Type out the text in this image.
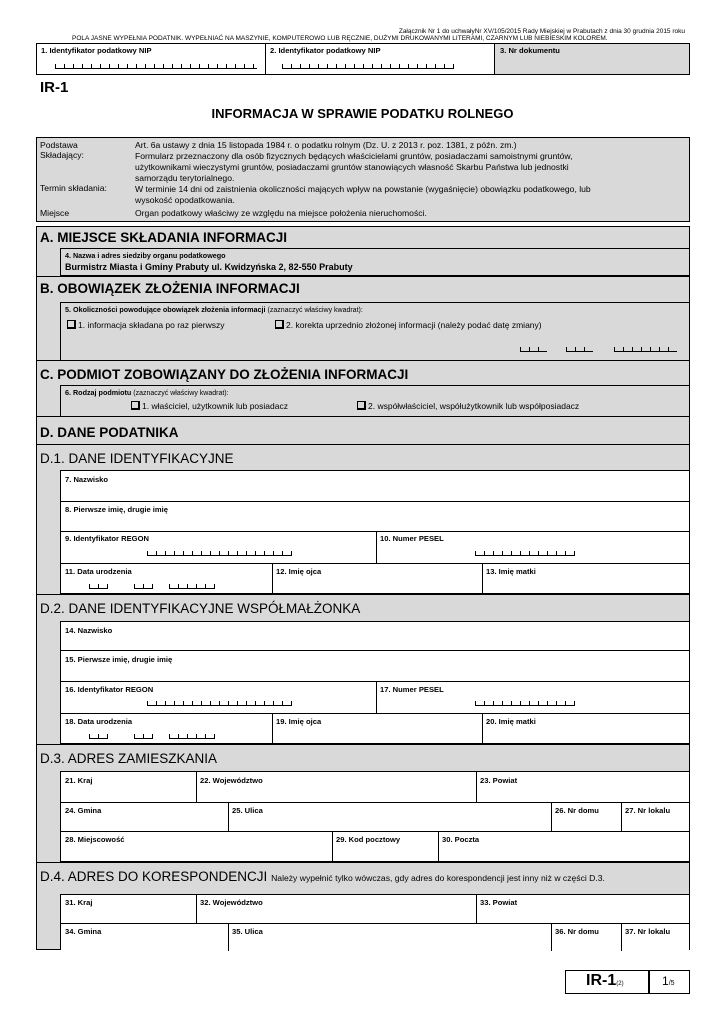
Załącznik Nr 1 do uchwałyNr XV/105/2015 Rady Miejskiej w Prabutach z dnia 30 grudnia 2015 roku
POLA JASNE WYPEŁNIA PODATNIK. WYPEŁNIAĆ NA MASZYNIE, KOMPUTEROWO LUB RĘCZNIE, DUŻYMI DRUKOWANYMI LITERAMI, CZARNYM LUB NIEBIESKIM KOLOREM.
1. Identyfikator podatkowy NIP	2. Identyfikator podatkowy NIP	3. Nr dokumentu
IR-1
INFORMACJA W SPRAWIE PODATKU ROLNEGO
Podstawa	Art. 6a ustawy z dnia 15 listopada 1984 r. o podatku rolnym (Dz. U. z 2013 r. poz. 1381, z późn. zm.)
Składający:	Formularz przeznaczony dla osób fizycznych będących właścicielami gruntów, posiadaczami samoistnymi gruntów,
użytkownikami wieczystymi gruntów, posiadaczami gruntów stanowiących własność Skarbu Państwa lub jednostki
samorządu terytorialnego.
Termin składania:	W terminie 14 dni od zaistnienia okoliczności mających wpływ na powstanie (wygaśnięcie) obowiązku podatkowego, lub
wysokość opodatkowania.
Miejsce	Organ podatkowy właściwy ze względu na miejsce położenia nieruchomości.
A. MIEJSCE SKŁADANIA INFORMACJI
4. Nazwa i adres siedziby organu podatkowego
Burmistrz Miasta i Gminy Prabuty ul. Kwidzyńska 2, 82-550 Prabuty
B. OBOWIĄZEK ZŁOŻENIA INFORMACJI
5. Okoliczności powodujące obowiązek złożenia informacji (zaznaczyć właściwy kwadrat):
1. informacja składana po raz pierwszy	2. korekta uprzednio złożonej informacji (należy podać datę zmiany)
C. PODMIOT ZOBOWIĄZANY DO ZŁOŻENIA INFORMACJI
6. Rodzaj podmiotu (zaznaczyć właściwy kwadrat):
1. właściciel, użytkownik lub posiadacz	2. współwłaściciel, współużytkownik lub współposiadacz
D. DANE PODATNIKA
D.1. DANE IDENTYFIKACYJNE
7. Nazwisko
8. Pierwsze imię, drugie imię
9. Identyfikator REGON	10. Numer PESEL
11. Data urodzenia	12. Imię ojca	13. Imię matki
D.2. DANE IDENTYFIKACYJNE WSPÓŁMAŁŻONKA
14. Nazwisko
15. Pierwsze imię, drugie imię
16. Identyfikator REGON	17. Numer PESEL
18. Data urodzenia	19. Imię ojca	20. Imię matki
D.3. ADRES ZAMIESZKANIA
21. Kraj	22. Województwo	23. Powiat
24. Gmina	25. Ulica	26. Nr domu	27. Nr lokalu
28. Miejscowość	29. Kod pocztowy	30. Poczta
D.4. ADRES DO KORESPONDENCJI Należy wypełnić tylko wówczas, gdy adres do korespondencji jest inny niż w części D.3.
31. Kraj	32. Województwo	33. Powiat
34. Gmina	35. Ulica	36. Nr domu	37. Nr lokalu
IR-1(2)	1/5
